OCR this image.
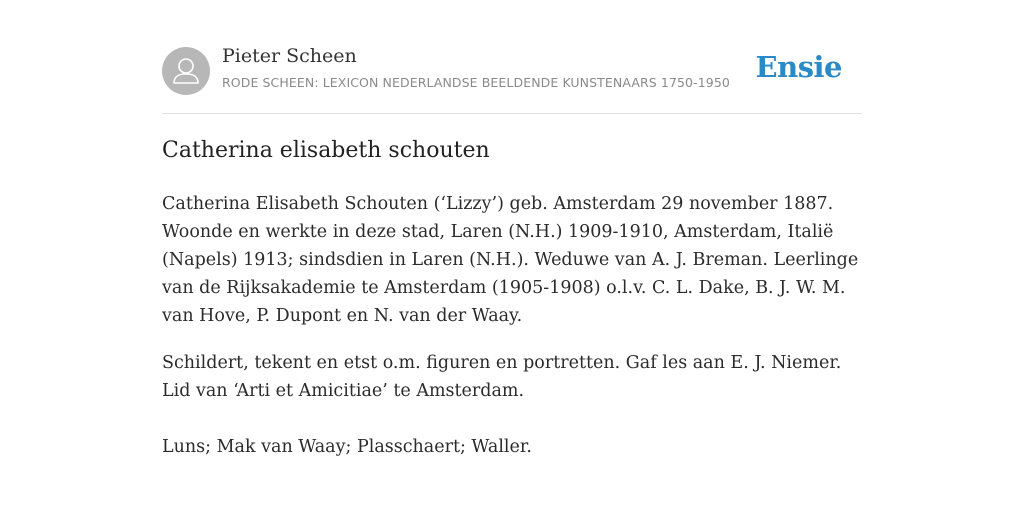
Pieter Scheen
RODE SCHEEN: LEXICON NEDERLANDSE BEELDENDE KUNSTENAARS 1750-1950 Ensie
Catherina elisabeth schouten

Catherina Elisabeth Schouten (‘Lizzy’) geb. Amsterdam 29 november 1887. Woonde en werkte in deze stad, Laren (N.H.) 1909-1910, Amsterdam, Italië (Napels) 1913; sindsdien in Laren (N.H.). Weduwe van A. J. Breman. Leerlinge van de Rijksakademie te Amsterdam (1905-1908) o.l.v. C. L. Dake, B. J. W. M. van Hove, P. Dupont en N. van der Waay.

Schildert, tekent en etst o.m. figuren en portretten. Gaf les aan E. J. Niemer. Lid van ‘Arti et Amicitiae’ te Amsterdam.

Luns; Mak van Waay; Plasschaert; Waller.
